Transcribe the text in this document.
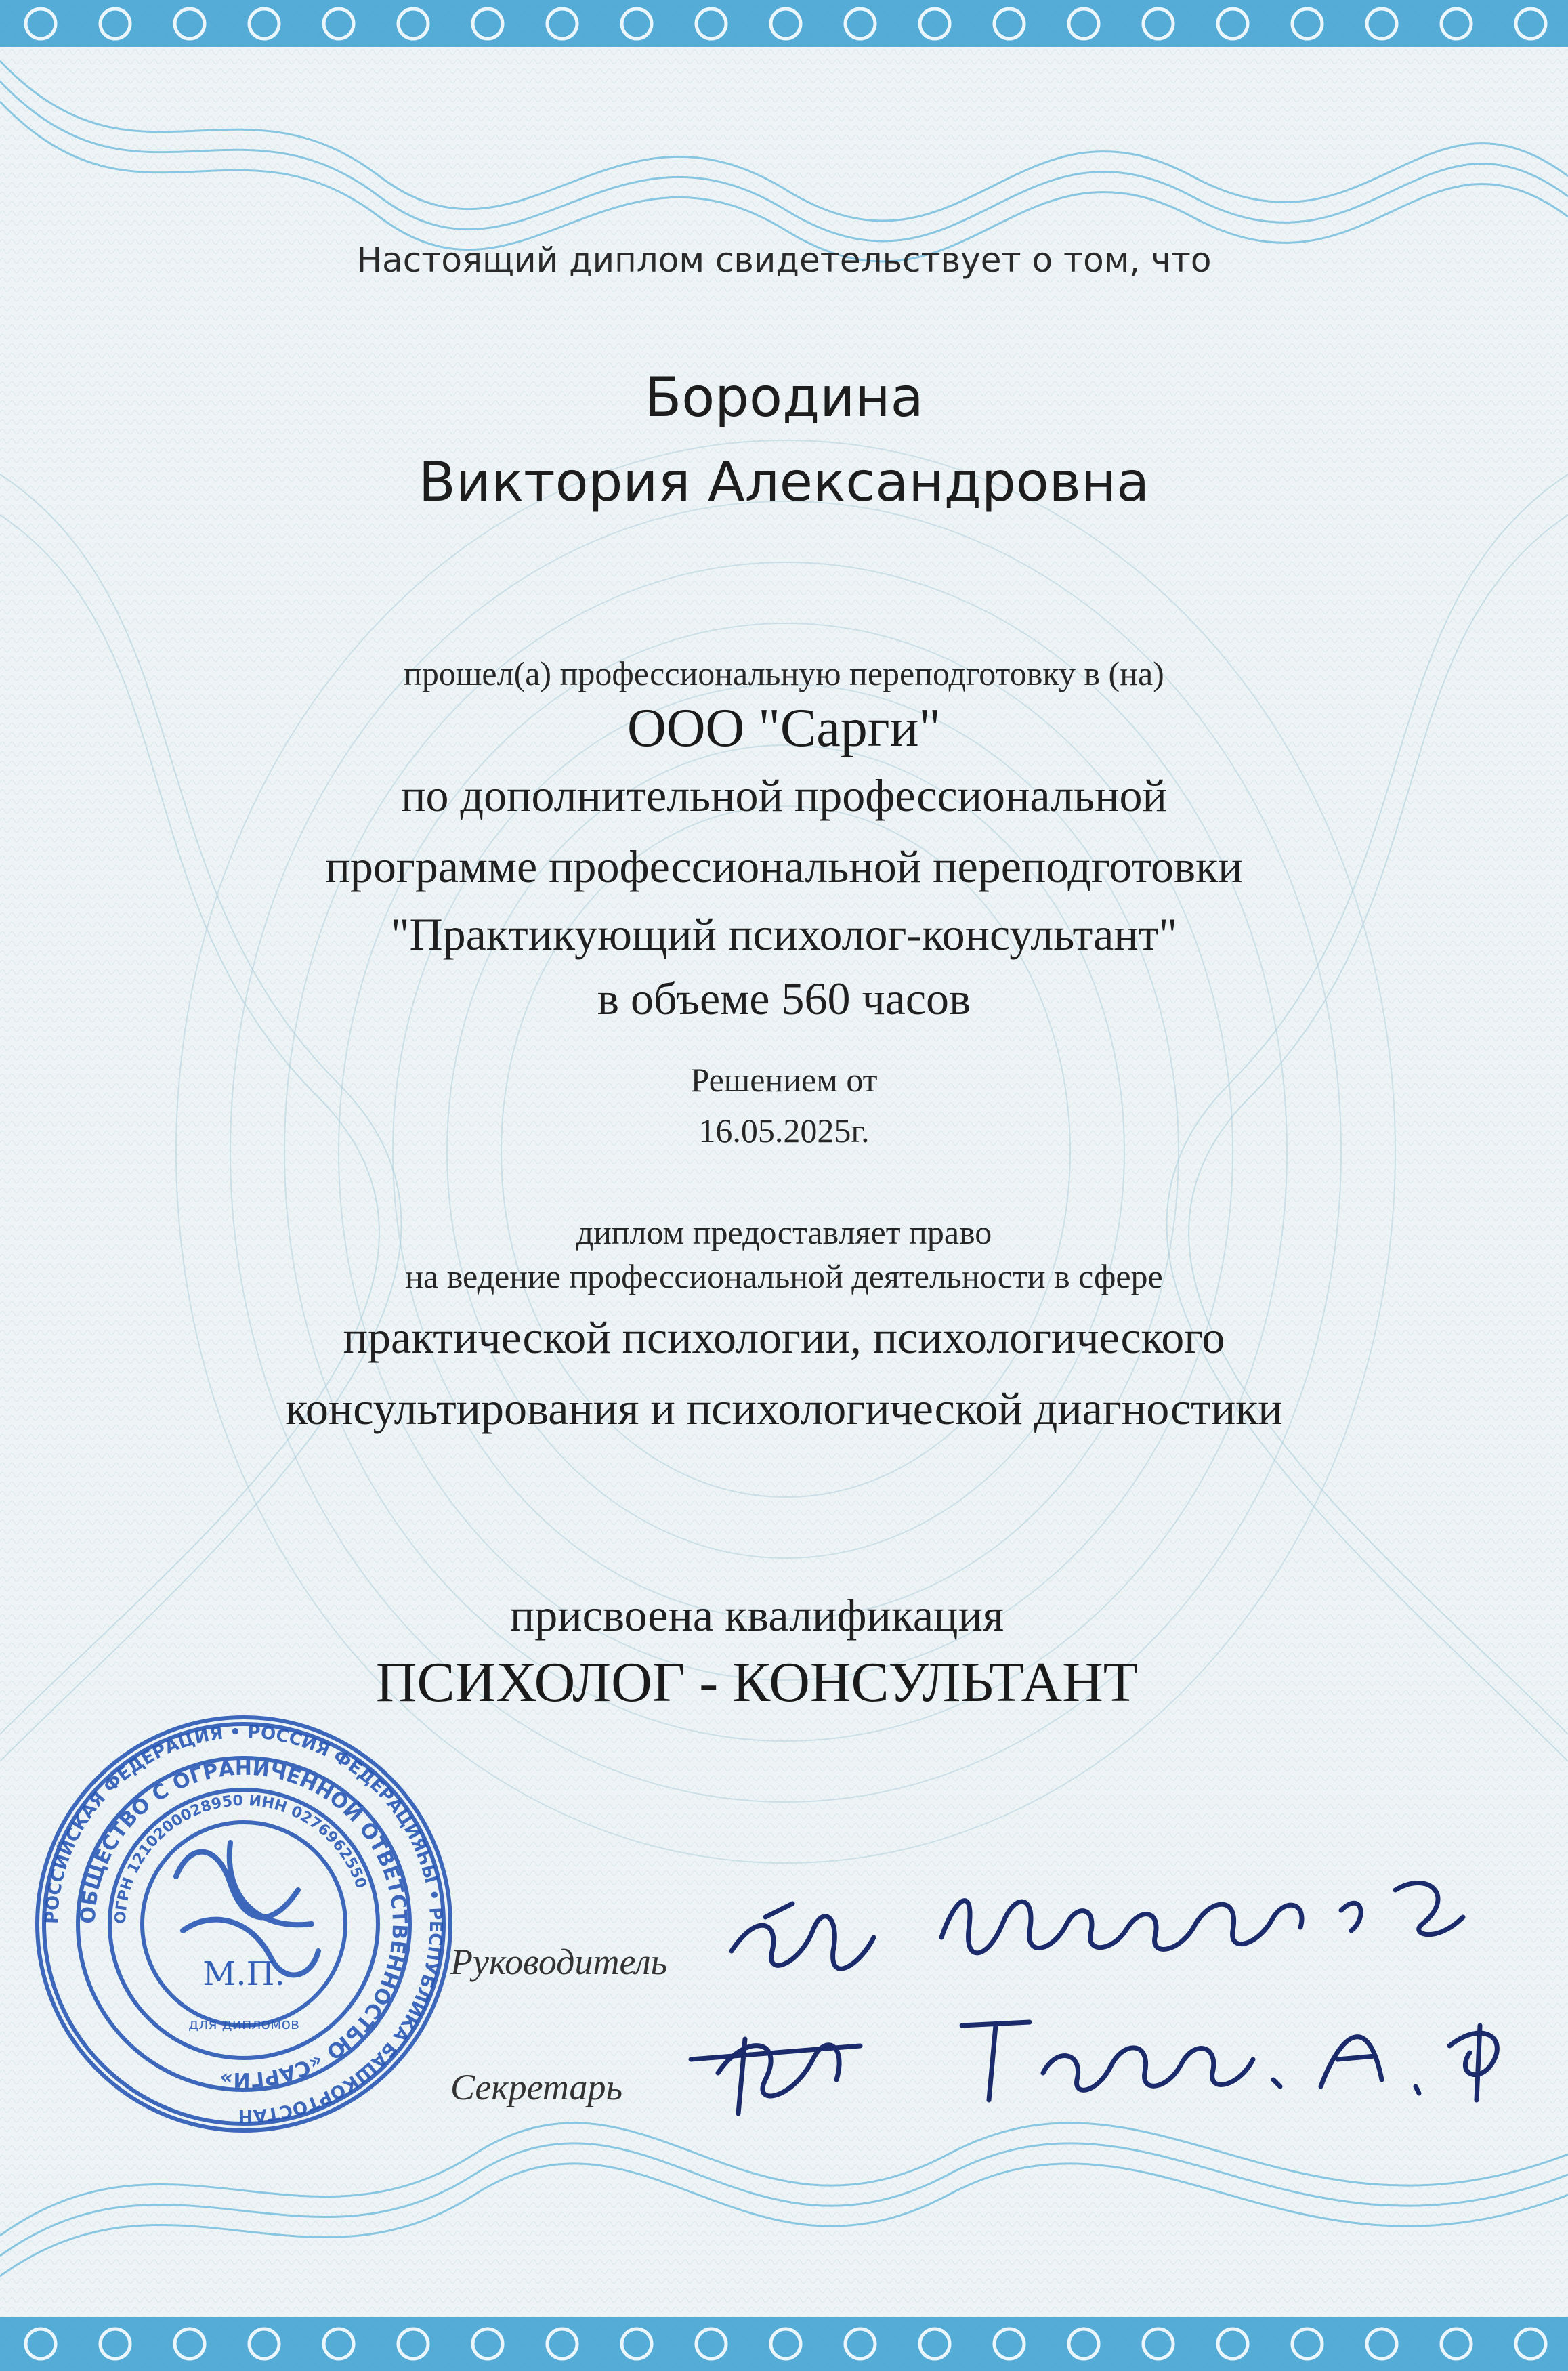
Настоящий диплом свидетельствует о том, что
Бородина
Виктория Александровна
прошел(а) профессиональную переподготовку в (на)
ООО "Сарги"
по дополнительной профессиональной
программе профессиональной переподготовки
"Практикующий психолог-консультант"
в объеме 560 часов
Решением от
16.05.2025г.
диплом предоставляет право
на ведение профессиональной деятельности в сфере
практической психологии, психологического
консультирования и психологической диагностики
присвоена квалификация
ПСИХОЛОГ - КОНСУЛЬТАНТ
Руководитель
Секретарь
РОССИЙСКАЯ ФЕДЕРАЦИЯ • РОССИЯ ФЕДЕРАЦИЯҺЫ • РЕСПУБЛИКА БАШКОРТОСТАН
ОБЩЕСТВО С ОГРАНИЧЕННОЙ ОТВЕТСТВЕННОСТЬЮ «САРГИ»
ОГРН 1210200028950 ИНН 0276962550
М.П.
для дипломов
